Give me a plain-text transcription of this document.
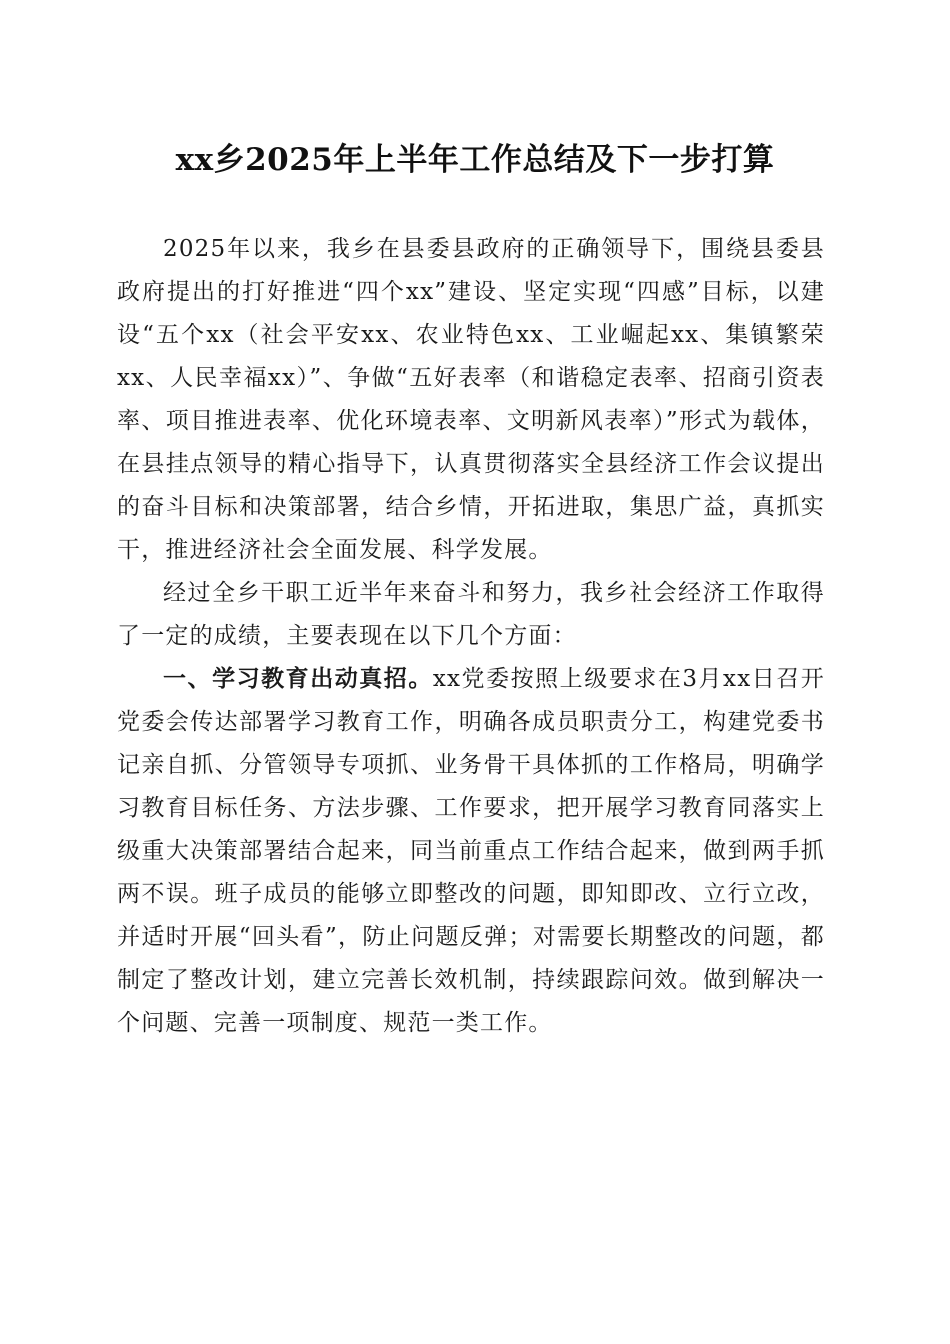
xx乡2025年上半年工作总结及下一步打算

2025年以来，我乡在县委县政府的正确领导下，围绕县委县政府提出的打好推进“四个xx”建设、坚定实现“四感”目标，以建设“五个xx（社会平安xx、农业特色xx、工业崛起xx、集镇繁荣xx、人民幸福xx）”、争做“五好表率（和谐稳定表率、招商引资表率、项目推进表率、优化环境表率、文明新风表率）”形式为载体，在县挂点领导的精心指导下，认真贯彻落实全县经济工作会议提出的奋斗目标和决策部署，结合乡情，开拓进取，集思广益，真抓实干，推进经济社会全面发展、科学发展。

经过全乡干职工近半年来奋斗和努力，我乡社会经济工作取得了一定的成绩，主要表现在以下几个方面：

一、学习教育出动真招。xx党委按照上级要求在3月xx日召开党委会传达部署学习教育工作，明确各成员职责分工，构建党委书记亲自抓、分管领导专项抓、业务骨干具体抓的工作格局，明确学习教育目标任务、方法步骤、工作要求，把开展学习教育同落实上级重大决策部署结合起来，同当前重点工作结合起来，做到两手抓两不误。班子成员的能够立即整改的问题，即知即改、立行立改，并适时开展“回头看”，防止问题反弹；对需要长期整改的问题，都制定了整改计划，建立完善长效机制，持续跟踪问效。做到解决一个问题、完善一项制度、规范一类工作。
